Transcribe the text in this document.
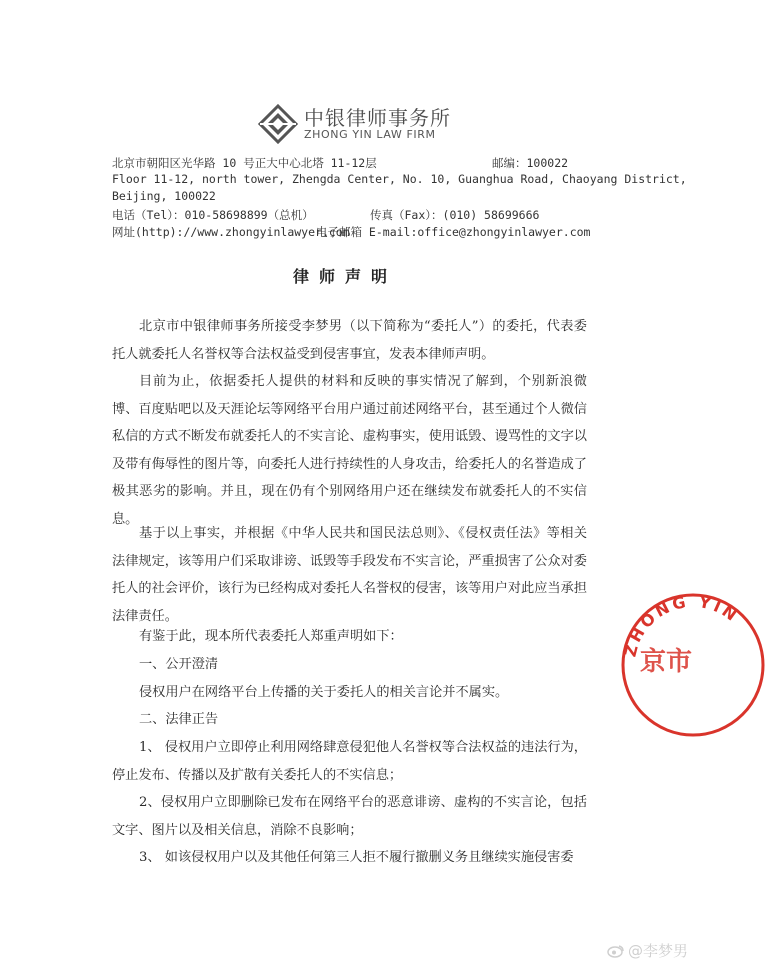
中银律师事务所
ZHONG YIN LAW FIRM
北京市朝阳区光华路 10 号正大中心北塔 11-12层	邮编：100022
Floor 11-12, north tower, Zhengda Center, No. 10, Guanghua Road, Chaoyang District,
Beijing, 100022
电话（Tel）：010-58698899（总机）	传真（Fax）：(010) 58699666
网址(http)://www.zhongyinlawyer.com
电子邮箱 E-mail:office@zhongyinlawyer.com
律师声明
北京市中银律师事务所接受李梦男（以下简称为“委托人”）的委托，代表委托人就委托人名誉权等合法权益受到侵害事宜，发表本律师声明。
目前为止，依据委托人提供的材料和反映的事实情况了解到，个别新浪微博、百度贴吧以及天涯论坛等网络平台用户通过前述网络平台，甚至通过个人微信私信的方式不断发布就委托人的不实言论、虚构事实，使用诋毁、谩骂性的文字以及带有侮辱性的图片等，向委托人进行持续性的人身攻击，给委托人的名誉造成了极其恶劣的影响。并且，现在仍有个别网络用户还在继续发布就委托人的不实信息。
基于以上事实，并根据《中华人民共和国民法总则》、《侵权责任法》等相关法律规定，该等用户们采取诽谤、诋毁等手段发布不实言论，严重损害了公众对委托人的社会评价，该行为已经构成对委托人名誉权的侵害，该等用户对此应当承担法律责任。
有鉴于此，现本所代表委托人郑重声明如下：
一、公开澄清
侵权用户在网络平台上传播的关于委托人的相关言论并不属实。
二、法律正告
1、 侵权用户立即停止利用网络肆意侵犯他人名誉权等合法权益的违法行为，停止发布、传播以及扩散有关委托人的不实信息；
2、侵权用户立即删除已发布在网络平台的恶意诽谤、虚构的不实言论，包括文字、图片以及相关信息，消除不良影响；
3、 如该侵权用户以及其他任何第三人拒不履行撤删义务且继续实施侵害委
ZHONG YIN
京市
@李梦男
